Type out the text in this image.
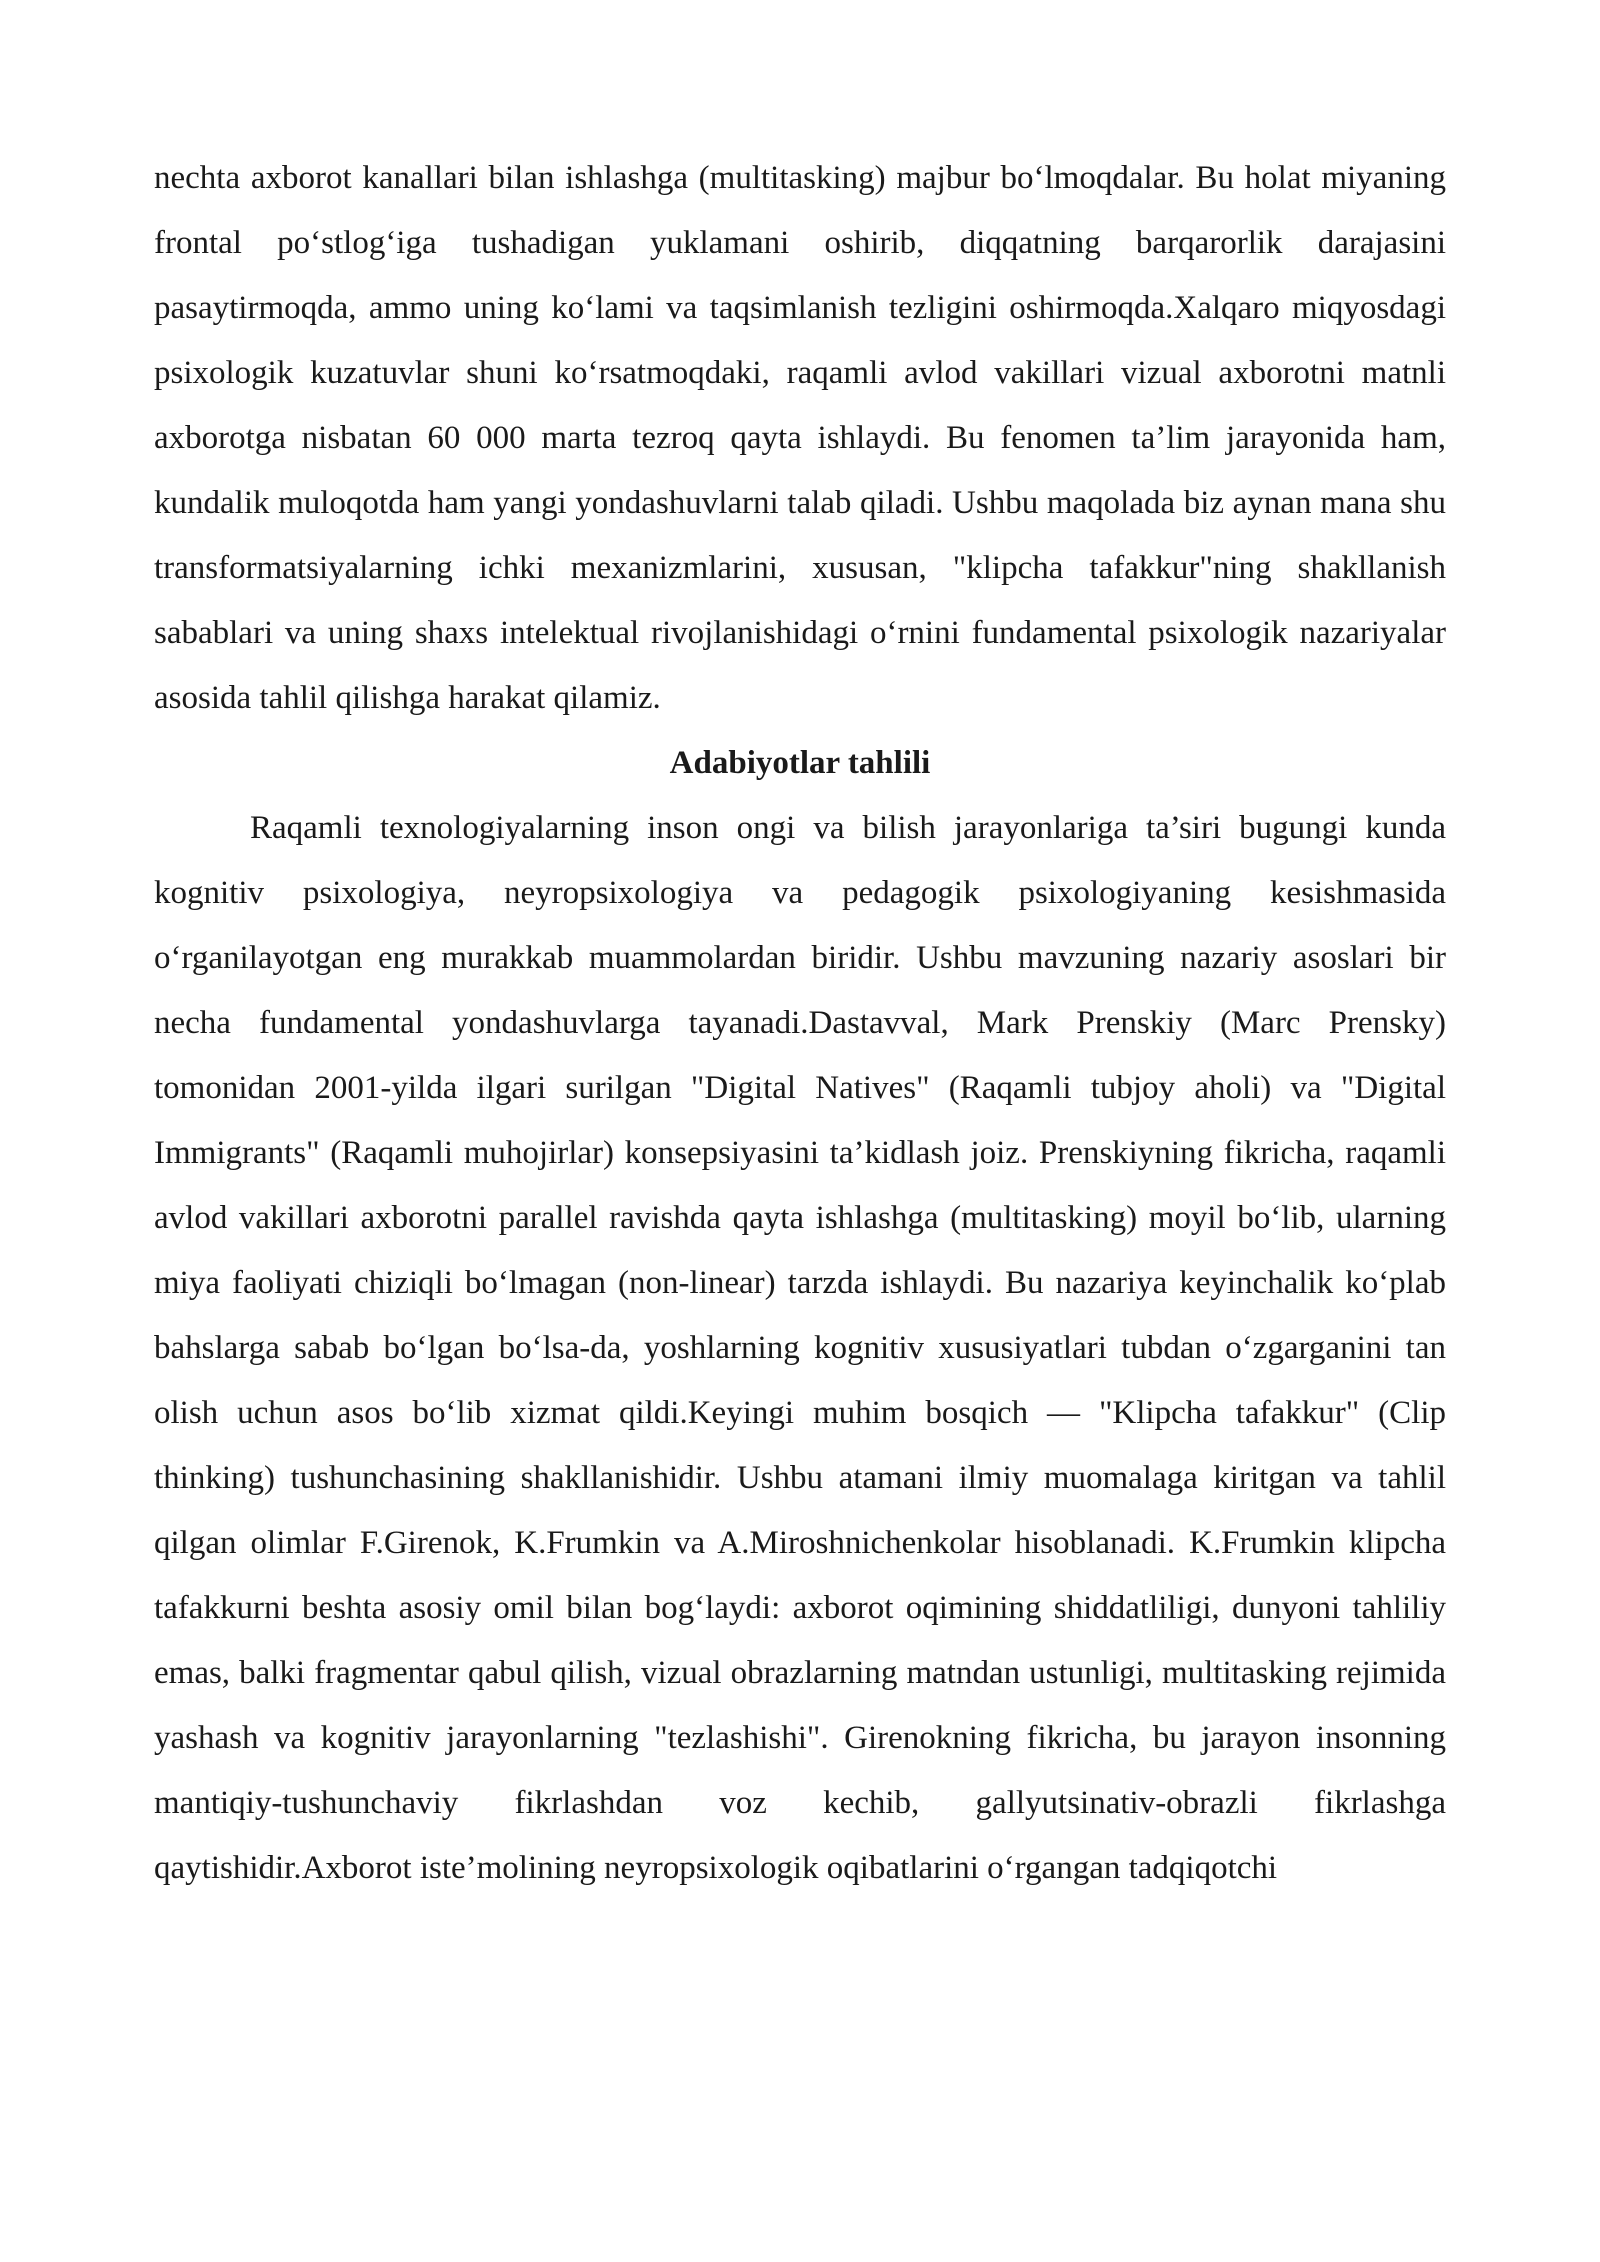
nechta axborot kanallari bilan ishlashga (multitasking) majbur bo‘lmoqdalar. Bu holat miyaning frontal po‘stlog‘iga tushadigan yuklamani oshirib, diqqatning barqarorlik darajasini pasaytirmoqda, ammo uning ko‘lami va taqsimlanish tezligini oshirmoqda.Xalqaro miqyosdagi psixologik kuzatuvlar shuni ko‘rsatmoqdaki, raqamli avlod vakillari vizual axborotni matnli axborotga nisbatan 60 000 marta tezroq qayta ishlaydi. Bu fenomen ta’lim jarayonida ham, kundalik muloqotda ham yangi yondashuvlarni talab qiladi. Ushbu maqolada biz aynan mana shu transformatsiyalarning ichki mexanizmlarini, xususan, "klipcha tafakkur"ning shakllanish sabablari va uning shaxs intelektual rivojlanishidagi o‘rnini fundamental psixologik nazariyalar asosida tahlil qilishga harakat qilamiz.

Adabiyotlar tahlili

Raqamli texnologiyalarning inson ongi va bilish jarayonlariga ta’siri bugungi kunda kognitiv psixologiya, neyropsixologiya va pedagogik psixologiyaning kesishmasida o‘rganilayotgan eng murakkab muammolardan biridir. Ushbu mavzuning nazariy asoslari bir necha fundamental yondashuvlarga tayanadi.Dastavval, Mark Prenskiy (Marc Prensky) tomonidan 2001-yilda ilgari surilgan "Digital Natives" (Raqamli tubjoy aholi) va "Digital Immigrants" (Raqamli muhojirlar) konsepsiyasini ta’kidlash joiz. Prenskiyning fikricha, raqamli avlod vakillari axborotni parallel ravishda qayta ishlashga (multitasking) moyil bo‘lib, ularning miya faoliyati chiziqli bo‘lmagan (non-linear) tarzda ishlaydi. Bu nazariya keyinchalik ko‘plab bahslarga sabab bo‘lgan bo‘lsa-da, yoshlarning kognitiv xususiyatlari tubdan o‘zgarganini tan olish uchun asos bo‘lib xizmat qildi.Keyingi muhim bosqich — "Klipcha tafakkur" (Clip thinking) tushunchasining shakllanishidir. Ushbu atamani ilmiy muomalaga kiritgan va tahlil qilgan olimlar F.Girenok, K.Frumkin va A.Miroshnichenkolar hisoblanadi. K.Frumkin klipcha tafakkurni beshta asosiy omil bilan bog‘laydi: axborot oqimining shiddatliligi, dunyoni tahliliy emas, balki fragmentar qabul qilish, vizual obrazlarning matndan ustunligi, multitasking rejimida yashash va kognitiv jarayonlarning "tezlashishi". Girenokning fikricha, bu jarayon insonning mantiqiy-tushunchaviy fikrlashdan voz kechib, gallyutsinativ-obrazli fikrlashga qaytishidir.Axborot iste’molining neyropsixologik oqibatlarini o‘rgangan tadqiqotchi
